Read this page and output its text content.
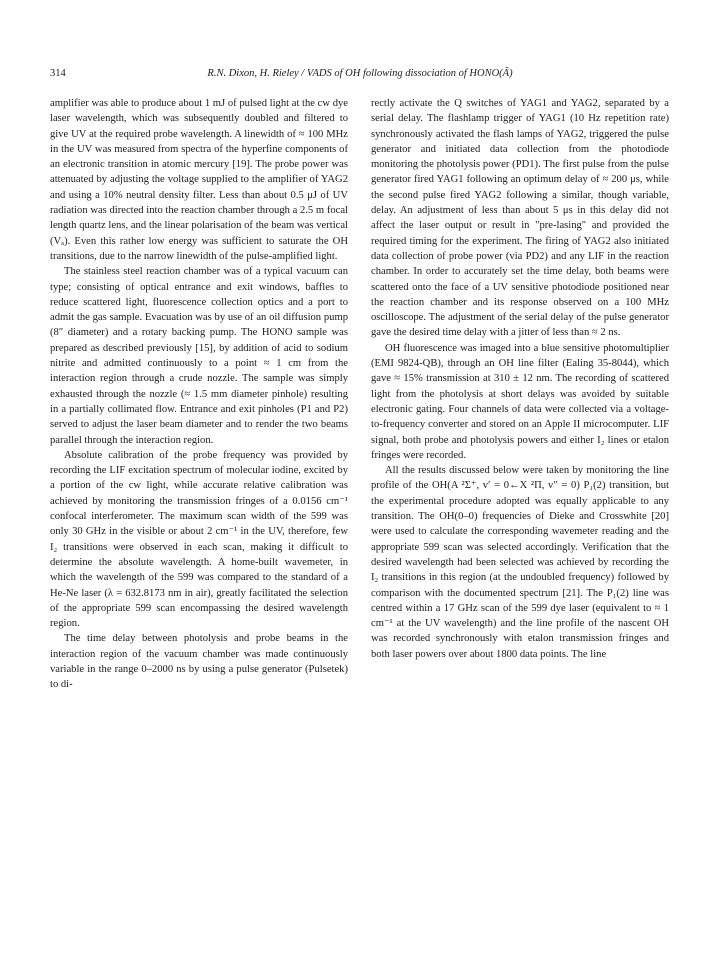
314	R.N. Dixon, H. Rieley / VADS of OH following dissociation of HONO(Ã)

amplifier was able to produce about 1 mJ of pulsed light at the cw dye laser wavelength, which was subsequently doubled and filtered to give UV at the required probe wavelength. A linewidth of ≈ 100 MHz in the UV was measured from spectra of the hyperfine components of an electronic transition in atomic mercury [19]. The probe power was attenuated by adjusting the voltage supplied to the amplifier of YAG2 and using a 10% neutral density filter. Less than about 0.5 μJ of UV radiation was directed into the reaction chamber through a 2.5 m focal length quartz lens, and the linear polarisation of the beam was vertical (Vₐ). Even this rather low energy was sufficient to saturate the OH transitions, due to the narrow linewidth of the pulse-amplified light.

The stainless steel reaction chamber was of a typical vacuum can type; consisting of optical entrance and exit windows, baffles to reduce scattered light, fluorescence collection optics and a port to admit the gas sample. Evacuation was by use of an oil diffusion pump (8″ diameter) and a rotary backing pump. The HONO sample was prepared as described previously [15], by addition of acid to sodium nitrite and admitted continuously to a point ≈ 1 cm from the interaction region through a crude nozzle. The sample was simply exhausted through the nozzle (≈ 1.5 mm diameter pinhole) resulting in a partially collimated flow. Entrance and exit pinholes (P1 and P2) served to adjust the laser beam diameter and to render the two beams parallel through the interaction region.

Absolute calibration of the probe frequency was provided by recording the LIF excitation spectrum of molecular iodine, excited by a portion of the cw light, while accurate relative calibration was achieved by monitoring the transmission fringes of a 0.0156 cm⁻¹ confocal interferometer. The maximum scan width of the 599 was only 30 GHz in the visible or about 2 cm⁻¹ in the UV, therefore, few I₂ transitions were observed in each scan, making it difficult to determine the absolute wavelength. A home-built wavemeter, in which the wavelength of the 599 was compared to the standard of a He-Ne laser (λ = 632.8173 nm in air), greatly facilitated the selection of the appropriate 599 scan encompassing the desired wavelength region.

The time delay between photolysis and probe beams in the interaction region of the vacuum chamber was made continuously variable in the range 0–2000 ns by using a pulse generator (Pulsetek) to di-

rectly activate the Q switches of YAG1 and YAG2, separated by a serial delay. The flashlamp trigger of YAG1 (10 Hz repetition rate) synchronously activated the flash lamps of YAG2, triggered the pulse generator and initiated data collection from the photodiode monitoring the photolysis power (PD1). The first pulse from the pulse generator fired YAG1 following an optimum delay of ≈ 200 μs, while the second pulse fired YAG2 following a similar, though variable, delay. An adjustment of less than about 5 μs in this delay did not affect the laser output or result in "pre-lasing" and provided the required timing for the experiment. The firing of YAG2 also initiated data collection of probe power (via PD2) and any LIF in the reaction chamber. In order to accurately set the time delay, both beams were scattered onto the face of a UV sensitive photodiode positioned near the reaction chamber and its response observed on a 100 MHz oscilloscope. The adjustment of the serial delay of the pulse generator gave the desired time delay with a jitter of less than ≈ 2 ns.

OH fluorescence was imaged into a blue sensitive photomultiplier (EMI 9824-QB), through an OH line filter (Ealing 35-8044), which gave ≈ 15% transmission at 310 ± 12 nm. The recording of scattered light from the photolysis at short delays was avoided by suitable electronic gating. Four channels of data were collected via a voltage-to-frequency converter and stored on an Apple II microcomputer. LIF signal, both probe and photolysis powers and either I₂ lines or etalon fringes were recorded.

All the results discussed below were taken by monitoring the line profile of the OH(A ²Σ⁺, v′ = 0←X ²Π, v″ = 0) P₁(2) transition, but the experimental procedure adopted was equally applicable to any transition. The OH(0–0) frequencies of Dieke and Crosswhite [20] were used to calculate the corresponding wavemeter reading and the appropriate 599 scan was selected accordingly. Verification that the desired wavelength had been selected was achieved by recording the I₂ transitions in this region (at the undoubled frequency) followed by comparison with the documented spectrum [21]. The P₁(2) line was centred within a 17 GHz scan of the 599 dye laser (equivalent to ≈ 1 cm⁻¹ at the UV wavelength) and the line profile of the nascent OH was recorded synchronously with etalon transmission fringes and both laser powers over about 1800 data points. The line
